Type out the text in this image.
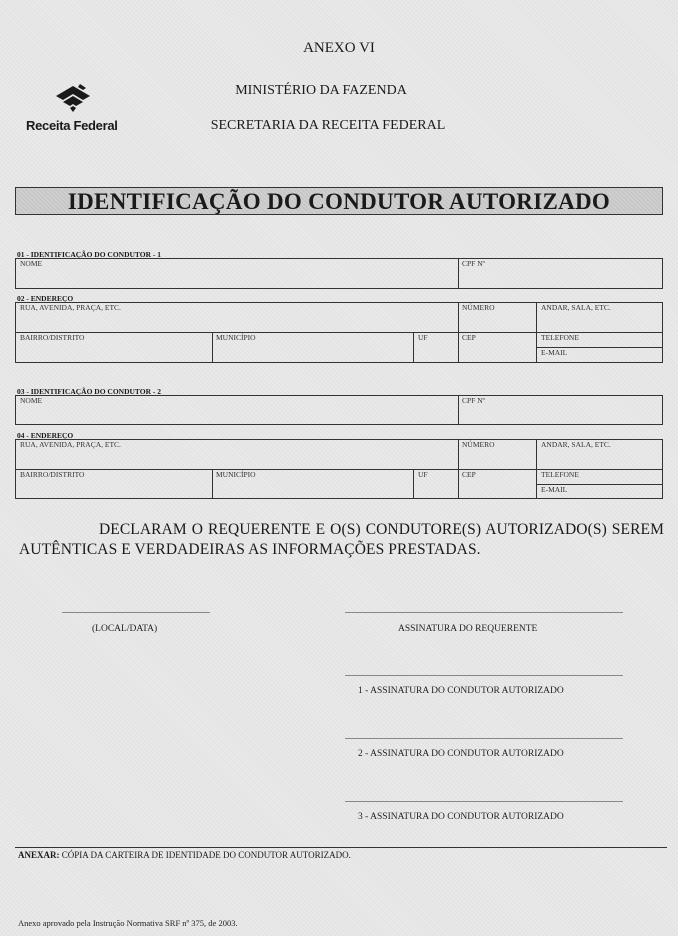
ANEXO VI
MINISTÉRIO DA FAZENDA
SECRETARIA DA RECEITA FEDERAL
Receita Federal
IDENTIFICAÇÃO DO CONDUTOR AUTORIZADO
01 - IDENTIFICAÇÃO DO CONDUTOR - 1
NOME	CPF Nº
02 - ENDEREÇO
RUA, AVENIDA, PRAÇA, ETC.	NÚMERO	ANDAR, SALA, ETC.
BAIRRO/DISTRITO	MUNICÍPIO	UF	CEP	TELEFONE
E-MAIL
03 - IDENTIFICAÇÃO DO CONDUTOR - 2
NOME	CPF Nº
04 - ENDEREÇO
RUA, AVENIDA, PRAÇA, ETC.	NÚMERO	ANDAR, SALA, ETC.
BAIRRO/DISTRITO	MUNICÍPIO	UF	CEP	TELEFONE
E-MAIL
DECLARAM O REQUERENTE E O(S) CONDUTORE(S) AUTORIZADO(S) SEREM AUTÊNTICAS E VERDADEIRAS AS INFORMAÇÕES PRESTADAS.
(LOCAL/DATA)	ASSINATURA DO REQUERENTE
1 - ASSINATURA DO CONDUTOR AUTORIZADO
2 - ASSINATURA DO CONDUTOR AUTORIZADO
3 - ASSINATURA DO CONDUTOR AUTORIZADO
ANEXAR: CÓPIA DA CARTEIRA DE IDENTIDADE DO CONDUTOR AUTORIZADO.
Anexo aprovado pela Instrução Normativa SRF nº 375, de 2003.
